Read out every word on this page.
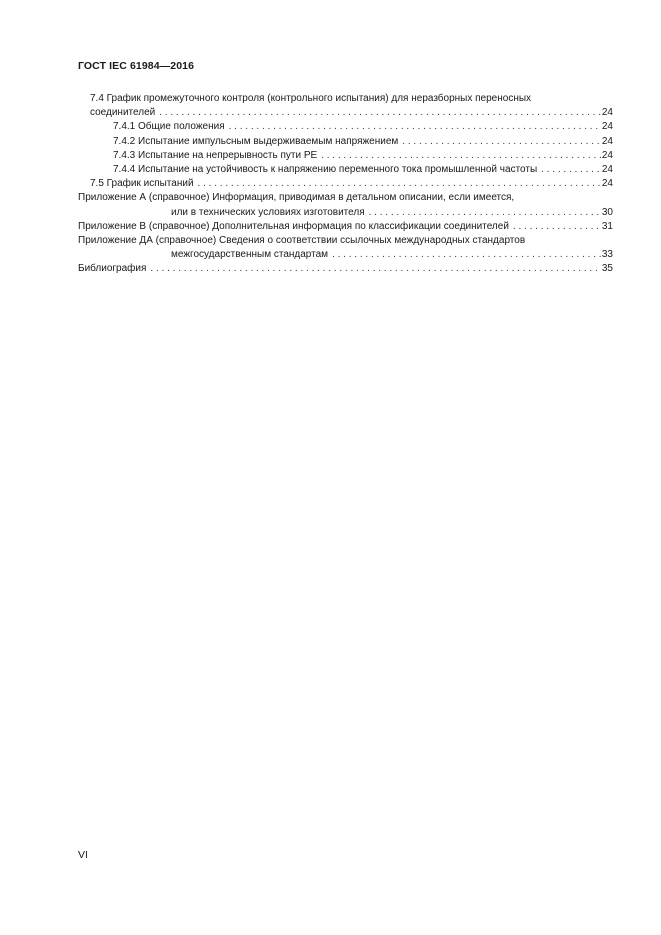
ГОСТ IEC 61984—2016
7.4 График промежуточного контроля (контрольного испытания) для неразборных переносных
соединителей . . .	24
7.4.1 Общие положения . . .	24
7.4.2 Испытание импульсным выдерживаемым напряжением . . .	24
7.4.3 Испытание на непрерывность пути PE . . .	24
7.4.4 Испытание на устойчивость к напряжению переменного тока промышленной частоты . . .	24
7.5 График испытаний . . .	24
Приложение А (справочное) Информация, приводимая в детальном описании, если имеется,
или в технических условиях изготовителя . . .	30
Приложение В (справочное) Дополнительная информация по классификации соединителей . . .	31
Приложение ДА (справочное) Сведения о соответствии ссылочных международных стандартов
межгосударственным стандартам . . .	33
Библиография . . .	35
VI
